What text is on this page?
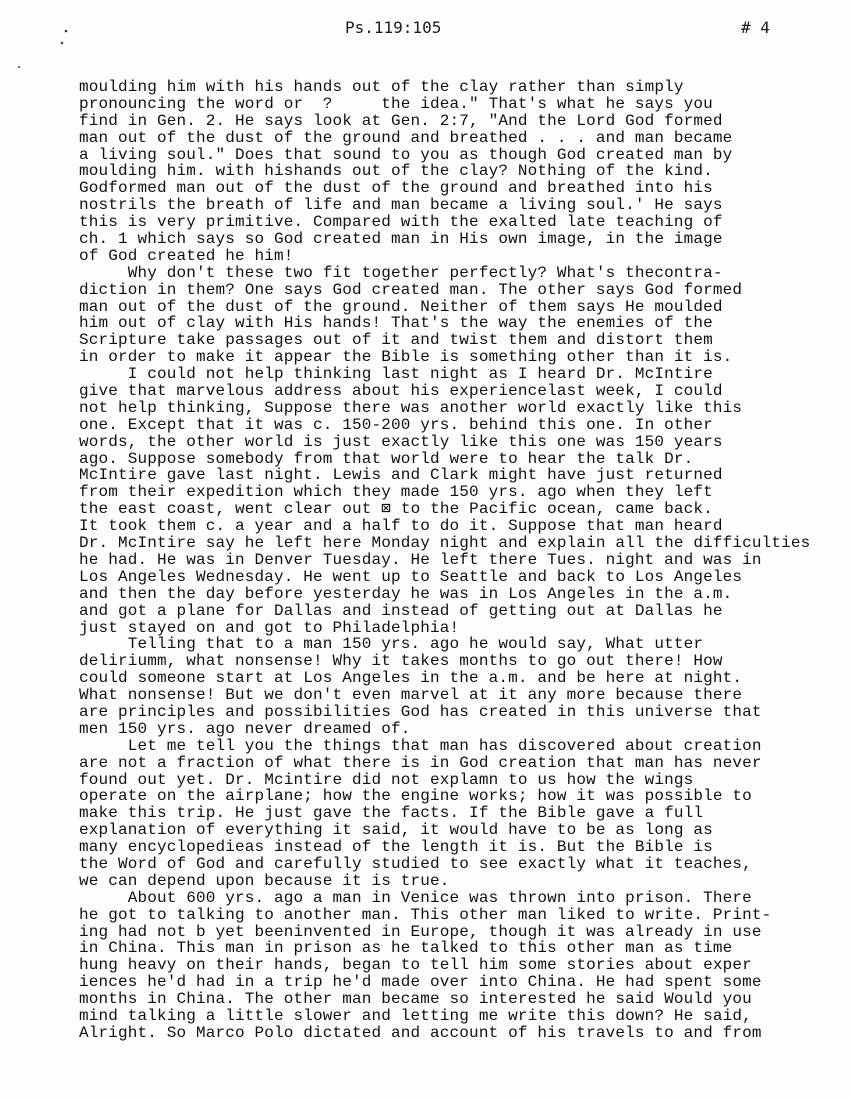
Ps.119:105	# 4
moulding him with his hands out of the clay rather than simply
pronouncing the word or  ?     the idea." That's what he says you
find in Gen. 2. He says look at Gen. 2:7, "And the Lord God formed
man out of the dust of the ground and breathed . . . and man became
a living soul." Does that sound to you as though God created man by
moulding him. with hishands out of the clay? Nothing of the kind.
Godformed man out of the dust of the ground and breathed into his
nostrils the breath of life and man became a living soul.' He says
this is very primitive. Compared with the exalted late teaching of
ch. 1 which says so God created man in His own image, in the image
of God created he him!
Why don't these two fit together perfectly? What's thecontra-
diction in them? One says God created man. The other says God formed
man out of the dust of the ground. Neither of them says He moulded
him out of clay with His hands! That's the way the enemies of the
Scripture take passages out of it and twist them and distort them
in order to make it appear the Bible is something other than it is.
I could not help thinking last night as I heard Dr. McIntire
give that marvelous address about his experiencelast week, I could
not help thinking, Suppose there was another world exactly like this
one. Except that it was c. 150-200 yrs. behind this one. In other
words, the other world is just exactly like this one was 150 years
ago. Suppose somebody from that world were to hear the talk Dr.
McIntire gave last night. Lewis and Clark might have just returned
from their expedition which they made 150 yrs. ago when they left
the east coast, went clear out ⊠ to the Pacific ocean, came back.
It took them c. a year and a half to do it. Suppose that man heard
Dr. McIntire say he left here Monday night and explain all the difficulties
he had. He was in Denver Tuesday. He left there Tues. night and was in
Los Angeles Wednesday. He went up to Seattle and back to Los Angeles
and then the day before yesterday he was in Los Angeles in the a.m.
and got a plane for Dallas and instead of getting out at Dallas he
just stayed on and got to Philadelphia!
Telling that to a man 150 yrs. ago he would say, What utter
deliriumm, what nonsense! Why it takes months to go out there! How
could someone start at Los Angeles in the a.m. and be here at night.
What nonsense! But we don't even marvel at it any more because there
are principles and possibilities God has created in this universe that
men 150 yrs. ago never dreamed of.
Let me tell you the things that man has discovered about creation
are not a fraction of what there is in God creation that man has never
found out yet. Dr. Mcintire did not explamn to us how the wings
operate on the airplane; how the engine works; how it was possible to
make this trip. He just gave the facts. If the Bible gave a full
explanation of everything it said, it would have to be as long as
many encyclopedieas instead of the length it is. But the Bible is
the Word of God and carefully studied to see exactly what it teaches,
we can depend upon because it is true.
About 600 yrs. ago a man in Venice was thrown into prison. There
he got to talking to another man. This other man liked to write. Print-
ing had not b yet beeninvented in Europe, though it was already in use
in China. This man in prison as he talked to this other man as time
hung heavy on their hands, began to tell him some stories about exper
iences he'd had in a trip he'd made over into China. He had spent some
months in China. The other man became so interested he said Would you
mind talking a little slower and letting me write this down? He said,
Alright. So Marco Polo dictated and account of his travels to and from
